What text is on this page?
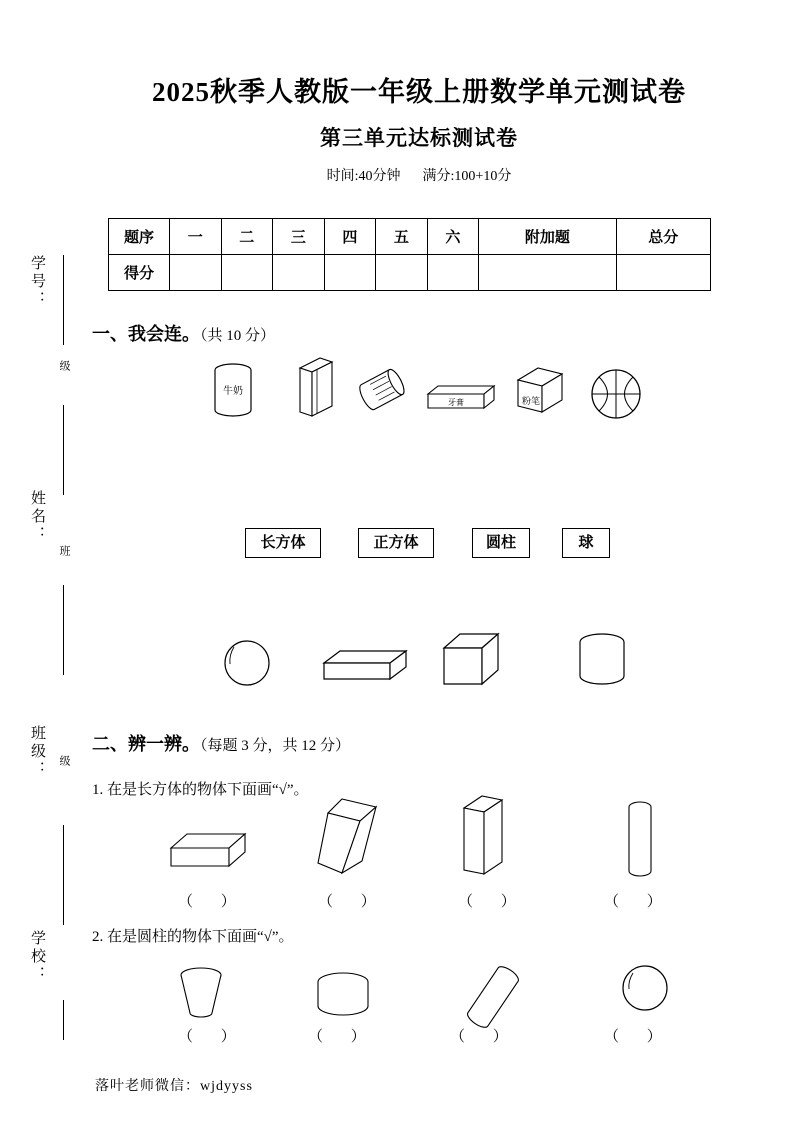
学号：
级
姓名：
班
班级： 级
学校：
2025秋季人教版一年级上册数学单元测试卷
第三单元达标测试卷
时间:40分钟 满分:100+10分
题序	一	二	三	四	五	六	附加题	总分
得分								
一、我会连。（共 10 分）
牛奶
牙膏	粉笔
长方体	正方体	圆柱	球
二、辨一辨。（每题 3 分，共 12 分）
1. 在是长方体的物体下面画“√”。
（ ）	（ ）	（ ）	（ ）
2. 在是圆柱的物体下面画“√”。
（ ）	（ ）	（ ）	（ ）
落叶老师微信：wjdyyss
